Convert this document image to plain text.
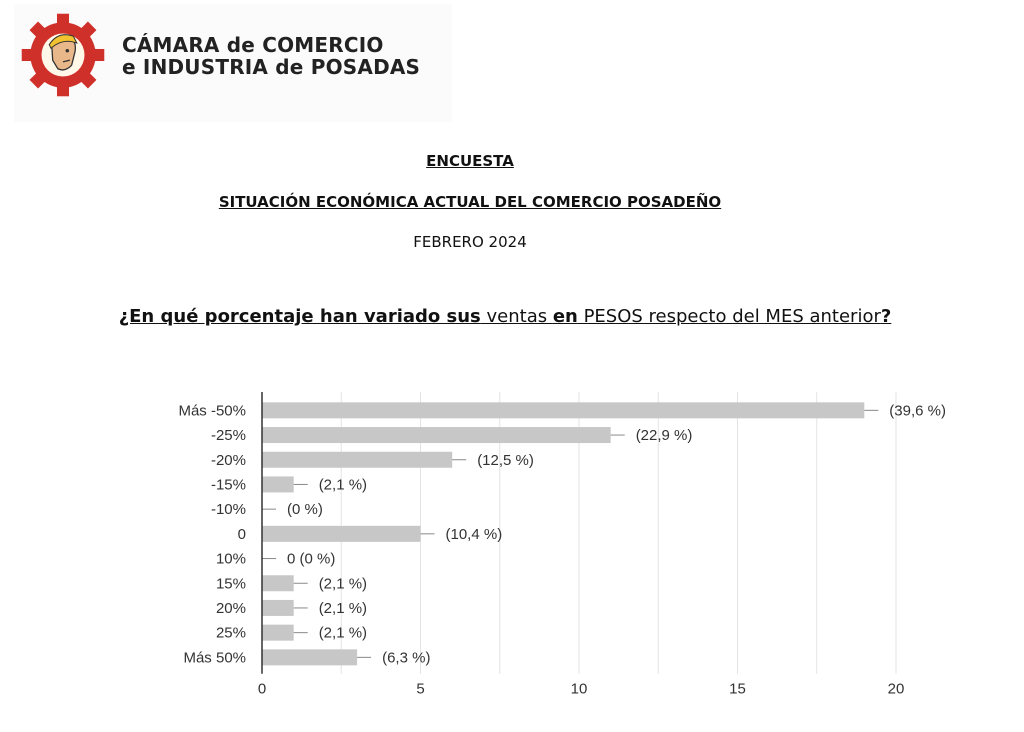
CÁMARA de COMERCIO
e INDUSTRIA de POSADAS
ENCUESTA
SITUACIÓN ECONÓMICA ACTUAL DEL COMERCIO POSADEÑO
FEBRERO 2024
¿En qué porcentaje han variado sus ventas en PESOS respecto del MES anterior?
Más -50%	(39,6 %)
-25%	(22,9 %)
-20%	(12,5 %)
-15%	(2,1 %)
-10%	(0 %)
0	(10,4 %)
10%	0 (0 %)
15%	(2,1 %)
20%	(2,1 %)
25%	(2,1 %)
Más 50%	(6,3 %)
0	5	10	15	20
